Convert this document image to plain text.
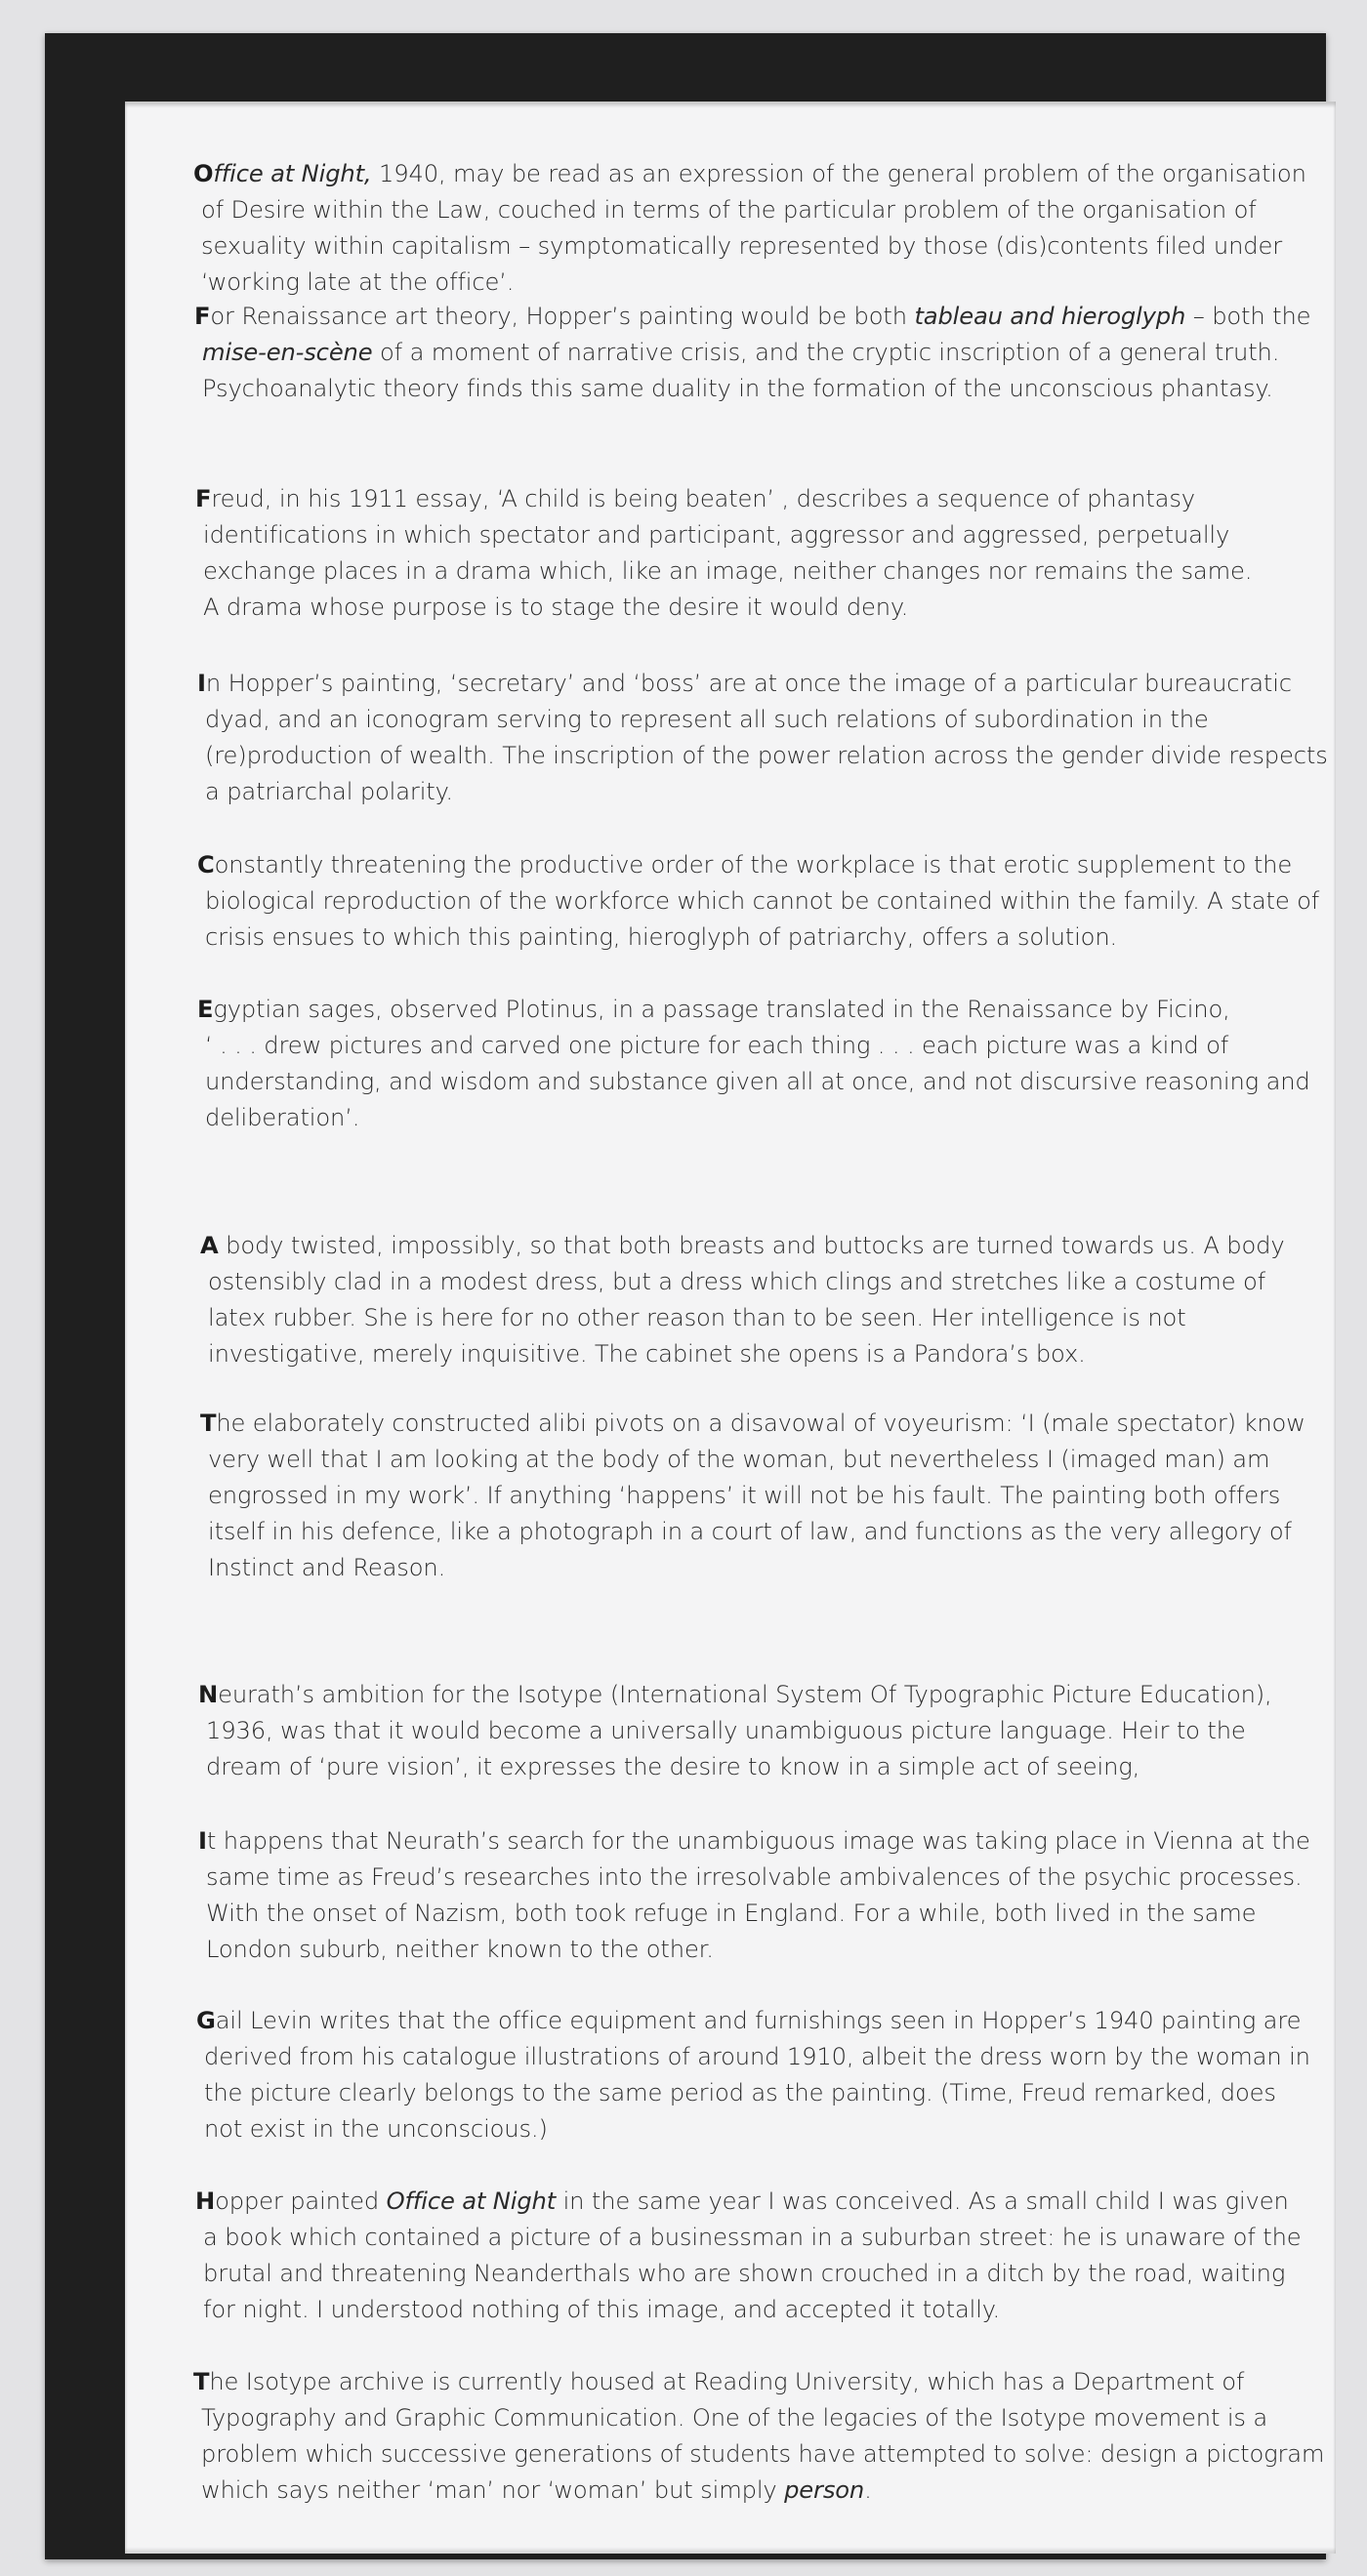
Office at Night, 1940, may be read as an expression of the general problem of the organisation
of Desire within the Law, couched in terms of the particular problem of the organisation of
sexuality within capitalism – symptomatically represented by those (dis)contents filed under
‘working late at the office’.

For Renaissance art theory, Hopper’s painting would be both tableau and hieroglyph – both the
mise-en-scène of a moment of narrative crisis, and the cryptic inscription of a general truth.
Psychoanalytic theory finds this same duality in the formation of the unconscious phantasy.

Freud, in his 1911 essay, ‘A child is being beaten’ , describes a sequence of phantasy
identifications in which spectator and participant, aggressor and aggressed, perpetually
exchange places in a drama which, like an image, neither changes nor remains the same.
A drama whose purpose is to stage the desire it would deny.

In Hopper’s painting, ‘secretary’ and ‘boss’ are at once the image of a particular bureaucratic
dyad, and an iconogram serving to represent all such relations of subordination in the
(re)production of wealth. The inscription of the power relation across the gender divide respects
a patriarchal polarity.

Constantly threatening the productive order of the workplace is that erotic supplement to the
biological reproduction of the workforce which cannot be contained within the family. A state of
crisis ensues to which this painting, hieroglyph of patriarchy, offers a solution.

Egyptian sages, observed Plotinus, in a passage translated in the Renaissance by Ficino,
‘ . . . drew pictures and carved one picture for each thing . . . each picture was a kind of
understanding, and wisdom and substance given all at once, and not discursive reasoning and
deliberation’.

A body twisted, impossibly, so that both breasts and buttocks are turned towards us. A body
ostensibly clad in a modest dress, but a dress which clings and stretches like a costume of
latex rubber. She is here for no other reason than to be seen. Her intelligence is not
investigative, merely inquisitive. The cabinet she opens is a Pandora’s box.

The elaborately constructed alibi pivots on a disavowal of voyeurism: ‘I (male spectator) know
very well that I am looking at the body of the woman, but nevertheless I (imaged man) am
engrossed in my work’. If anything ‘happens’ it will not be his fault. The painting both offers
itself in his defence, like a photograph in a court of law, and functions as the very allegory of
Instinct and Reason.

Neurath’s ambition for the Isotype (International System Of Typographic Picture Education),
1936, was that it would become a universally unambiguous picture language. Heir to the
dream of ‘pure vision’, it expresses the desire to know in a simple act of seeing,

It happens that Neurath’s search for the unambiguous image was taking place in Vienna at the
same time as Freud’s researches into the irresolvable ambivalences of the psychic processes.
With the onset of Nazism, both took refuge in England. For a while, both lived in the same
London suburb, neither known to the other.

Gail Levin writes that the office equipment and furnishings seen in Hopper’s 1940 painting are
derived from his catalogue illustrations of around 1910, albeit the dress worn by the woman in
the picture clearly belongs to the same period as the painting. (Time, Freud remarked, does
not exist in the unconscious.)

Hopper painted Office at Night in the same year I was conceived. As a small child I was given
a book which contained a picture of a businessman in a suburban street: he is unaware of the
brutal and threatening Neanderthals who are shown crouched in a ditch by the road, waiting
for night. I understood nothing of this image, and accepted it totally.

The Isotype archive is currently housed at Reading University, which has a Department of
Typography and Graphic Communication. One of the legacies of the Isotype movement is a
problem which successive generations of students have attempted to solve: design a pictogram
which says neither ‘man’ nor ‘woman’ but simply person.
